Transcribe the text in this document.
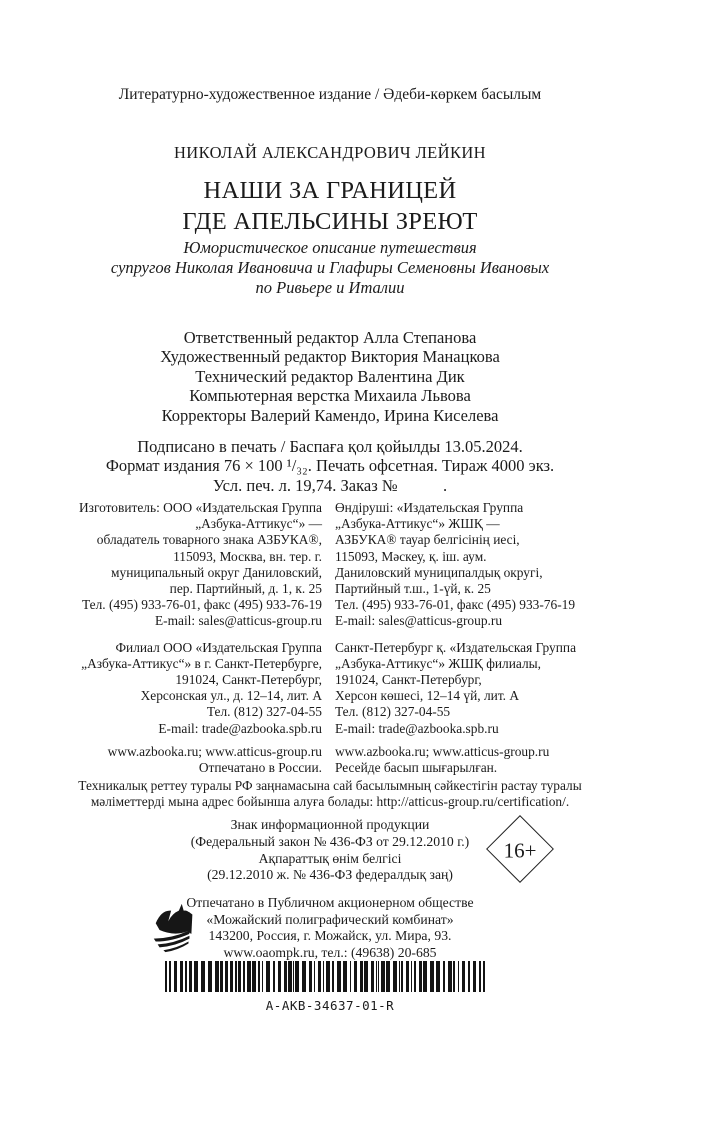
Литературно-художественное издание / Әдеби-көркем басылым
НИКОЛАЙ АЛЕКСАНДРОВИЧ ЛЕЙКИН
НАШИ ЗА ГРАНИЦЕЙ
ГДЕ АПЕЛЬСИНЫ ЗРЕЮТ
Юмористическое описание путешествия
супругов Николая Ивановича и Глафиры Семеновны Ивановых
по Ривьере и Италии
Ответственный редактор Алла Степанова
Художественный редактор Виктория Манацкова
Технический редактор Валентина Дик
Компьютерная верстка Михаила Львова
Корректоры Валерий Камендо, Ирина Киселева
Подписано в печать / Баспаға қол қойылды 13.05.2024.
Формат издания 76 × 100 ¹/₃₂. Печать офсетная. Тираж 4000 экз.
Усл. печ. л. 19,74. Заказ №           .
Изготовитель: ООО «Издательская Группа
„Азбука-Аттикус“» —
обладатель товарного знака АЗБУКА®,
115093, Москва, вн. тер. г.
муниципальный округ Даниловский,
пер. Партийный, д. 1, к. 25
Тел. (495) 933-76-01, факс (495) 933-76-19
E-mail: sales@atticus-group.ru
Филиал ООО «Издательская Группа
„Азбука-Аттикус“» в г. Санкт-Петербурге,
191024, Санкт-Петербург,
Херсонская ул., д. 12–14, лит. А
Тел. (812) 327-04-55
E-mail: trade@azbooka.spb.ru
www.azbooka.ru; www.atticus-group.ru
Отпечатано в России.
Өндіруші: «Издательская Группа
„Азбука-Аттикус“» ЖШҚ —
АЗБУКА® тауар белгісінің иесі,
115093, Мәскеу, қ. іш. аум.
Даниловский муниципалдық округі,
Партийный т.ш., 1-үй, к. 25
Тел. (495) 933-76-01, факс (495) 933-76-19
E-mail: sales@atticus-group.ru
Санкт-Петербург қ. «Издательская Группа
„Азбука-Аттикус“» ЖШҚ филиалы,
191024, Санкт-Петербург,
Херсон көшесі, 12–14 үй, лит. А
Тел. (812) 327-04-55
E-mail: trade@azbooka.spb.ru
www.azbooka.ru; www.atticus-group.ru
Ресейде басып шығарылған.
Техникалық реттеу туралы РФ заңнамасына сай басылымның сәйкестігін растау туралы
мәліметтерді мына адрес бойынша алуға болады: http://atticus-group.ru/certification/.
Знак информационной продукции
(Федеральный закон № 436-ФЗ от 29.12.2010 г.)
Ақпараттық өнім белгісі
(29.12.2010 ж. № 436-ФЗ федералдық заң)
16+
Отпечатано в Публичном акционерном обществе
«Можайский полиграфический комбинат»
143200, Россия, г. Можайск, ул. Мира, 93.
www.oaompk.ru, тел.: (49638) 20-685
A-AKB-34637-01-R
